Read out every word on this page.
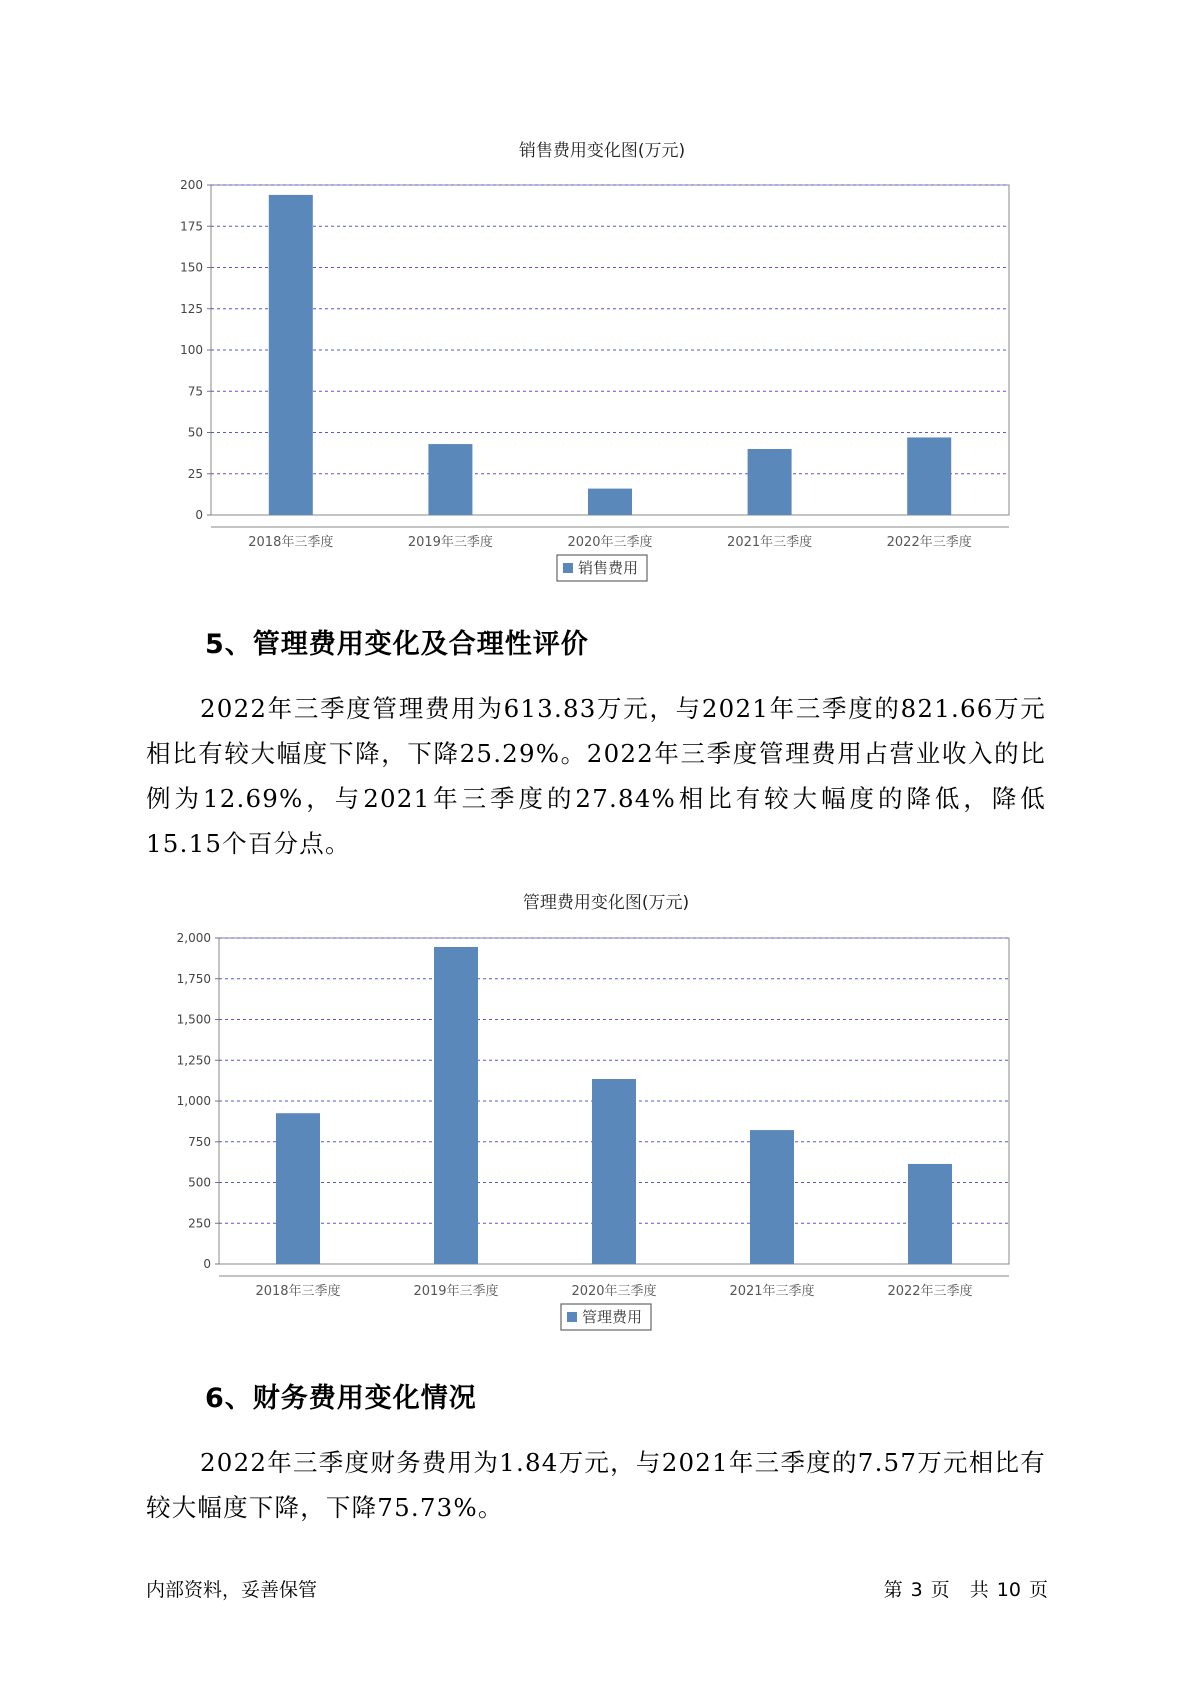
销售费用变化图(万元)
0
25
50
75
100
125
150
175
200
2018年三季度	2019年三季度	2020年三季度	2021年三季度	2022年三季度
销售费用
5、管理费用变化及合理性评价

2022年三季度管理费用为613.83万元，与2021年三季度的821.66万元相比有较大幅度下降，下降25.29%。2022年三季度管理费用占营业收入的比例为12.69%，与2021年三季度的27.84%相比有较大幅度的降低，降低15.15个百分点。

管理费用变化图(万元)
0
250
500
750
1,000
1,250
1,500
1,750
2,000
2018年三季度	2019年三季度	2020年三季度	2021年三季度	2022年三季度
管理费用
6、财务费用变化情况

2022年三季度财务费用为1.84万元，与2021年三季度的7.57万元相比有较大幅度下降，下降75.73%。

内部资料，妥善保管	第 3 页 共 10 页
